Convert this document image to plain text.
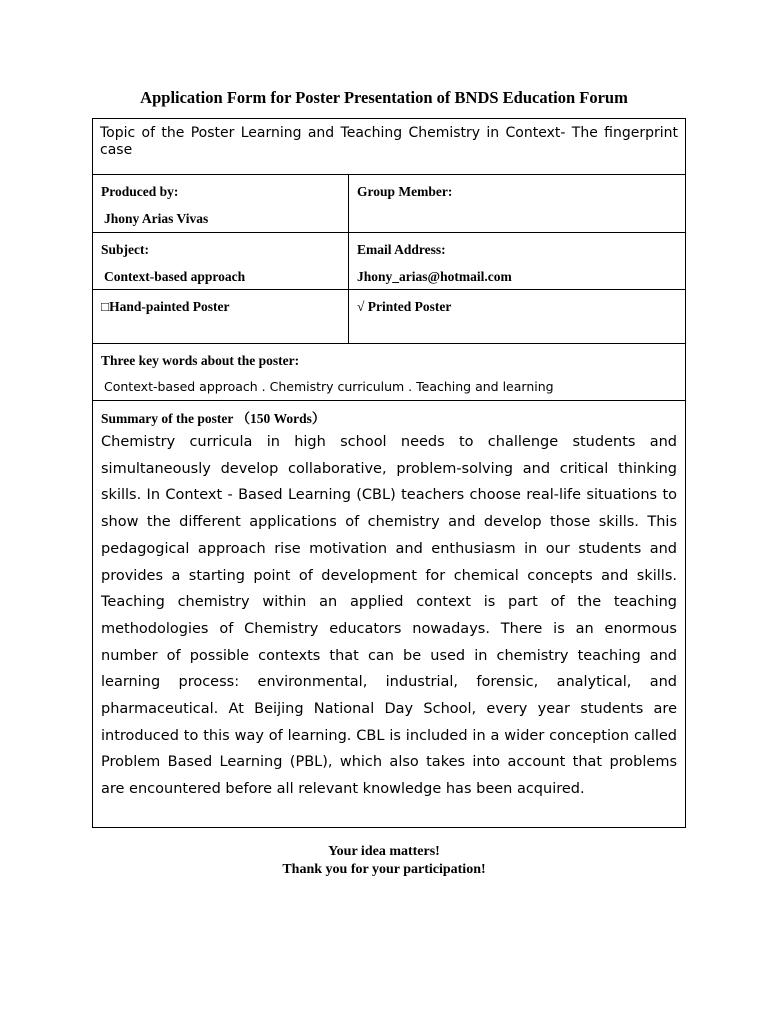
Application Form for Poster Presentation of BNDS Education Forum
Topic of the Poster Learning and Teaching Chemistry in Context- The fingerprint case
Produced by:
Jhony Arias Vivas
Group Member:
Subject:
Context-based approach
Email Address:
Jhony_arias@hotmail.com
□Hand-painted Poster	√ Printed Poster
Three key words about the poster:
Context-based approach . Chemistry curriculum . Teaching and learning
Summary of the poster （150 Words）
Chemistry curricula in high school needs to challenge students and simultaneously develop collaborative, problem-solving and critical thinking skills. In Context - Based Learning (CBL) teachers choose real-life situations to show the different applications of chemistry and develop those skills. This pedagogical approach rise motivation and enthusiasm in our students and provides a starting point of development for chemical concepts and skills. Teaching chemistry within an applied context is part of the teaching methodologies of Chemistry educators nowadays. There is an enormous number of possible contexts that can be used in chemistry teaching and learning process: environmental, industrial, forensic, analytical, and pharmaceutical. At Beijing National Day School, every year students are introduced to this way of learning. CBL is included in a wider conception called Problem Based Learning (PBL), which also takes into account that problems are encountered before all relevant knowledge has been acquired.
Your idea matters!
Thank you for your participation!
